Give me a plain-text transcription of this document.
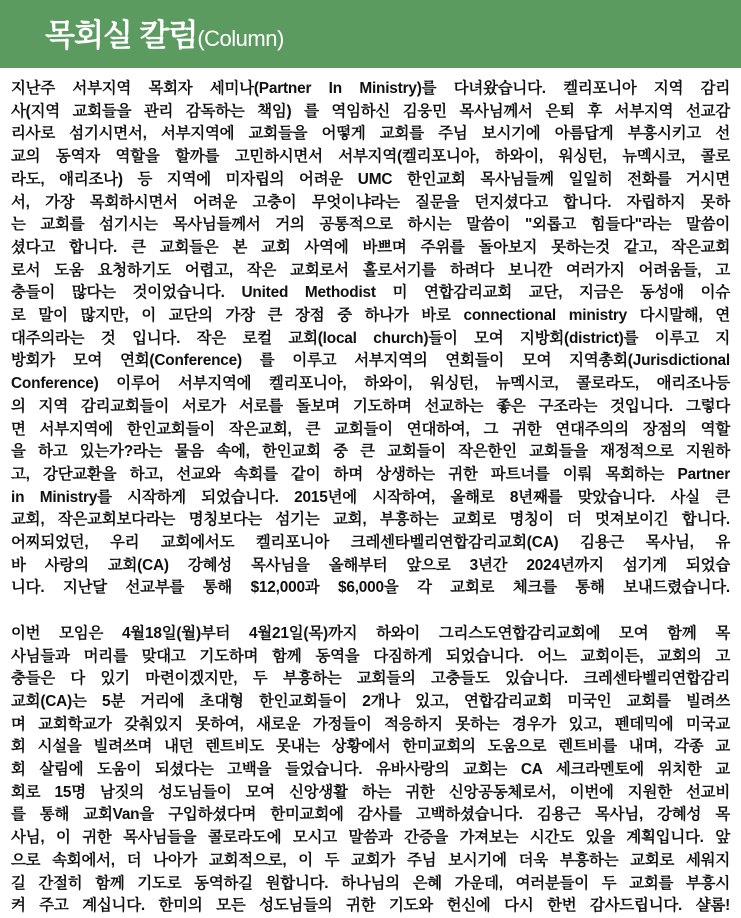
목회실 칼럼(Column)
지난주 서부지역 목회자 세미나(Partner In Ministry)를 다녀왔습니다. 켈리포니아 지역 감리
사(지역 교회들을 관리 감독하는 책임) 를 역임하신 김웅민 목사님께서 은퇴 후 서부지역 선교감
리사로 섬기시면서, 서부지역에 교회들을 어떻게 교회를 주님 보시기에 아름답게 부흥시키고 선
교의 동역자 역할을 할까를 고민하시면서 서부지역(켈리포니아, 하와이, 워싱턴, 뉴멕시코, 콜로
라도, 애리조나) 등 지역에 미자립의 어려운 UMC 한인교회 목사님들께 일일히 전화를 거시면
서, 가장 목회하시면서 어려운 고충이 무엇이냐라는 질문을 던지셨다고 합니다. 자립하지 못하
는 교회를 섬기시는 목사님들께서 거의 공통적으로 하시는 말씀이 "외롭고 힘들다"라는 말씀이
셨다고 합니다. 큰 교회들은 본 교회 사역에 바쁘며 주위를 돌아보지 못하는것 같고, 작은교회
로서 도움 요청하기도 어렵고, 작은 교회로서 홀로서기를 하려다 보니깐 여러가지 어려움들, 고
충들이 많다는 것이었습니다. United Methodist 미 연합감리교회 교단, 지금은 동성애 이슈
로 말이 많지만, 이 교단의 가장 큰 장점 중 하나가 바로 connectional ministry 다시말해, 연
대주의라는 것 입니다. 작은 로컬 교회(local church)들이 모여 지방회(district)를 이루고 지
방회가 모여 연회(Conference) 를 이루고 서부지역의 연회들이 모여 지역총회(Jurisdictional
Conference) 이루어 서부지역에 켈리포니아, 하와이, 워싱턴, 뉴멕시코, 콜로라도, 애리조나등
의 지역 감리교회들이 서로가 서로를 돌보며 기도하며 선교하는 좋은 구조라는 것입니다. 그렇다
면 서부지역에 한인교회들이 작은교회, 큰 교회들이 연대하여, 그 귀한 연대주의의 장점의 역할
을 하고 있는가?라는 물음 속에, 한인교회 중 큰 교회들이 작은한인 교회들을 재정적으로 지원하
고, 강단교환을 하고, 선교와 속회를 같이 하며 상생하는 귀한 파트너를 이뤄 목회하는 Partner
in Ministry를 시작하게 되었습니다. 2015년에 시작하여, 올해로 8년째를 맞았습니다. 사실 큰
교회, 작은교회보다라는 명칭보다는 섬기는 교회, 부흥하는 교회로 명칭이 더 멋져보이긴 합니다.
어찌되었던, 우리 교회에서도 켈리포니아 크레센타벨리연합감리교회(CA) 김용근 목사님, 유
바 사랑의 교회(CA) 강혜성 목사님을 올해부터 앞으로 3년간 2024년까지 섬기게 되었습
니다. 지난달 선교부를 통해 $12,000과 $6,000을 각 교회로 체크를 통해 보내드렸습니다.
이번 모임은 4월18일(월)부터 4월21일(목)까지 하와이 그리스도연합감리교회에 모여 함께 목
사님들과 머리를 맞대고 기도하며 함께 동역을 다짐하게 되었습니다. 어느 교회이든, 교회의 고
충들은 다 있기 마련이겠지만, 두 부흥하는 교회들의 고충들도 있습니다. 크레센타벨리연합감리
교회(CA)는 5분 거리에 초대형 한인교회들이 2개나 있고, 연합감리교회 미국인 교회를 빌려쓰
며 교회학교가 갖춰있지 못하여, 새로운 가정들이 적응하지 못하는 경우가 있고, 펜데믹에 미국교
회 시설을 빌려쓰며 내던 렌트비도 못내는 상황에서 한미교회의 도움으로 렌트비를 내며, 각종 교
회 살림에 도움이 되셨다는 고백을 들었습니다. 유바사랑의 교회는 CA 세크라멘토에 위치한 교
회로 15명 남짓의 성도님들이 모여 신앙생활 하는 귀한 신앙공동체로서, 이번에 지원한 선교비
를 통해 교회Van을 구입하셨다며 한미교회에 감사를 고백하셨습니다. 김용근 목사님, 강혜성 목
사님, 이 귀한 목사님들을 콜로라도에 모시고 말씀과 간증을 가져보는 시간도 있을 계획입니다. 앞
으로 속회에서, 더 나아가 교회적으로, 이 두 교회가 주님 보시기에 더욱 부흥하는 교회로 세워지
길 간절히 함께 기도로 동역하길 원합니다. 하나님의 은혜 가운데, 여러분들이 두 교회를 부흥시
켜 주고 계십니다. 한미의 모든 성도님들의 귀한 기도와 헌신에 다시 한번 감사드립니다. 샬롬!
